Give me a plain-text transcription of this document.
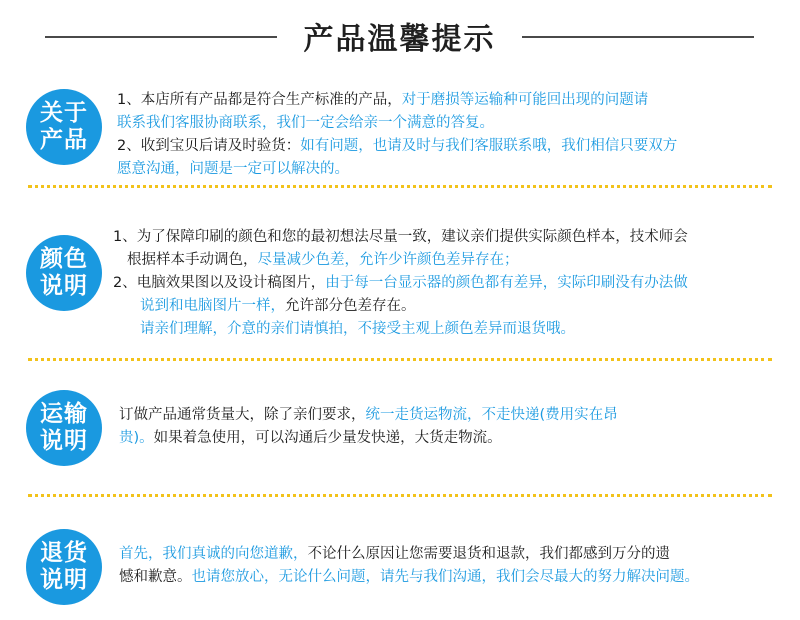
产品温馨提示
关于
产品
1、本店所有产品都是符合生产标准的产品，对于磨损等运输种可能回出现的问题请
联系我们客服协商联系，我们一定会给亲一个满意的答复。
2、收到宝贝后请及时验货：如有问题，也请及时与我们客服联系哦，我们相信只要双方
愿意沟通，问题是一定可以解决的。
颜色
说明
1、为了保障印刷的颜色和您的最初想法尽量一致，建议亲们提供实际颜色样本，技术师会
根据样本手动调色，尽量减少色差，允许少许颜色差异存在；
2、电脑效果图以及设计稿图片，由于每一台显示器的颜色都有差异，实际印刷没有办法做
说到和电脑图片一样，允许部分色差存在。
请亲们理解，介意的亲们请慎拍，不接受主观上颜色差异而退货哦。
运输
说明
订做产品通常货量大，除了亲们要求，统一走货运物流，不走快递(费用实在昂
贵)。如果着急使用，可以沟通后少量发快递，大货走物流。
退货
说明
首先，我们真诚的向您道歉，不论什么原因让您需要退货和退款，我们都感到万分的遗
憾和歉意。也请您放心，无论什么问题，请先与我们沟通，我们会尽最大的努力解决问题。
